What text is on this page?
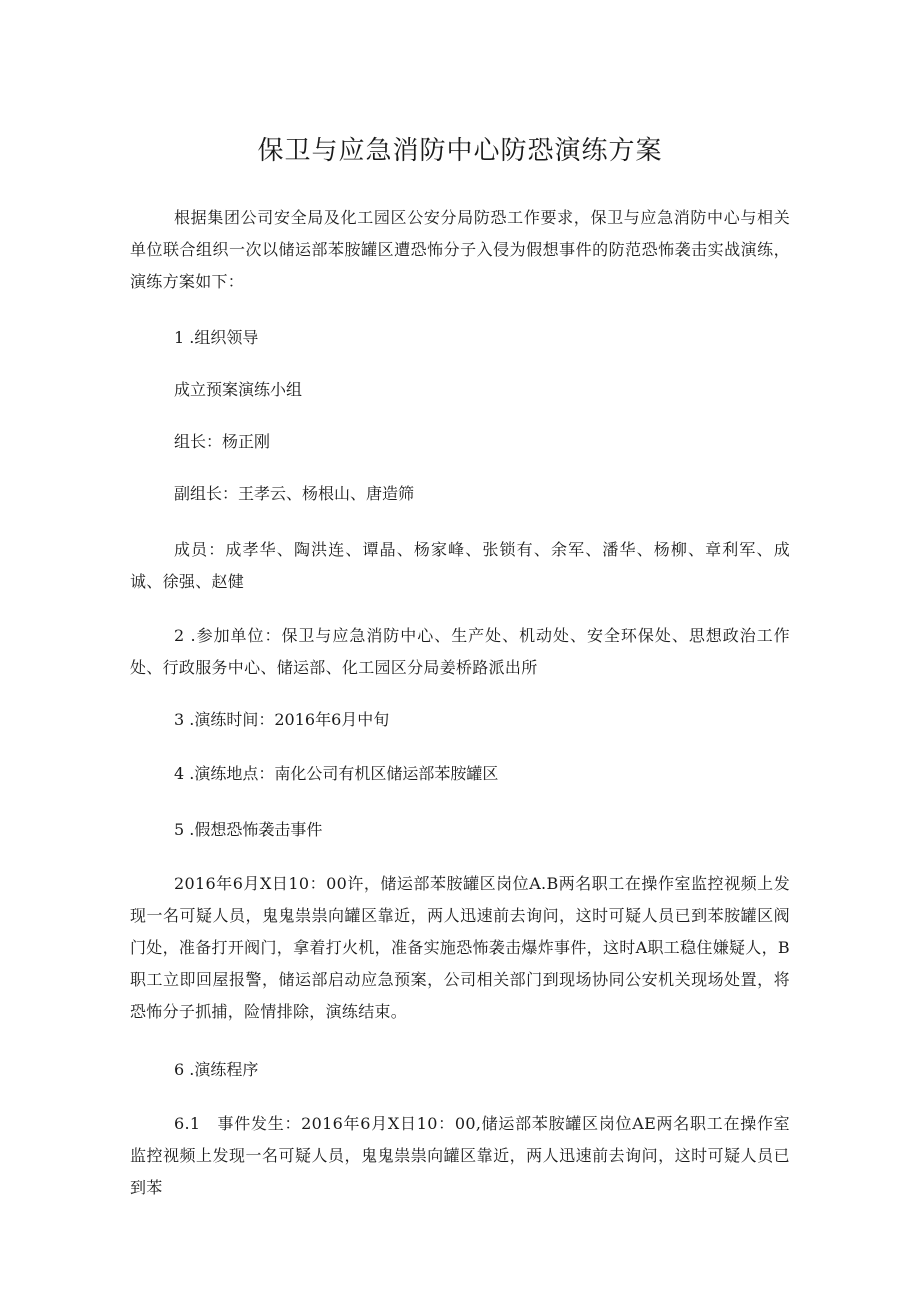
保卫与应急消防中心防恐演练方案

根据集团公司安全局及化工园区公安分局防恐工作要求，保卫与应急消防中心与相关单位联合组织一次以储运部苯胺罐区遭恐怖分子入侵为假想事件的防范恐怖袭击实战演练，演练方案如下：

1 .组织领导

成立预案演练小组

组长：杨正刚

副组长：王孝云、杨根山、唐造筛

成员：成孝华、陶洪连、谭晶、杨家峰、张锁有、余军、潘华、杨柳、章利军、成诚、徐强、赵健

2 .参加单位：保卫与应急消防中心、生产处、机动处、安全环保处、思想政治工作处、行政服务中心、储运部、化工园区分局姜桥路派出所

3 .演练时间：2016年6月中旬

4 .演练地点：南化公司有机区储运部苯胺罐区

5 .假想恐怖袭击事件

2016年6月X日10：00许，储运部苯胺罐区岗位A.B两名职工在操作室监控视频上发现一名可疑人员，鬼鬼祟祟向罐区靠近，两人迅速前去询问，这时可疑人员已到苯胺罐区阀门处，准备打开阀门，拿着打火机，准备实施恐怖袭击爆炸事件，这时A职工稳住嫌疑人，B职工立即回屋报警，储运部启动应急预案，公司相关部门到现场协同公安机关现场处置，将恐怖分子抓捕，险情排除，演练结束。

6 .演练程序

6.1　事件发生：2016年6月X日10：00,储运部苯胺罐区岗位AE两名职工在操作室监控视频上发现一名可疑人员，鬼鬼祟祟向罐区靠近，两人迅速前去询问，这时可疑人员已到苯
